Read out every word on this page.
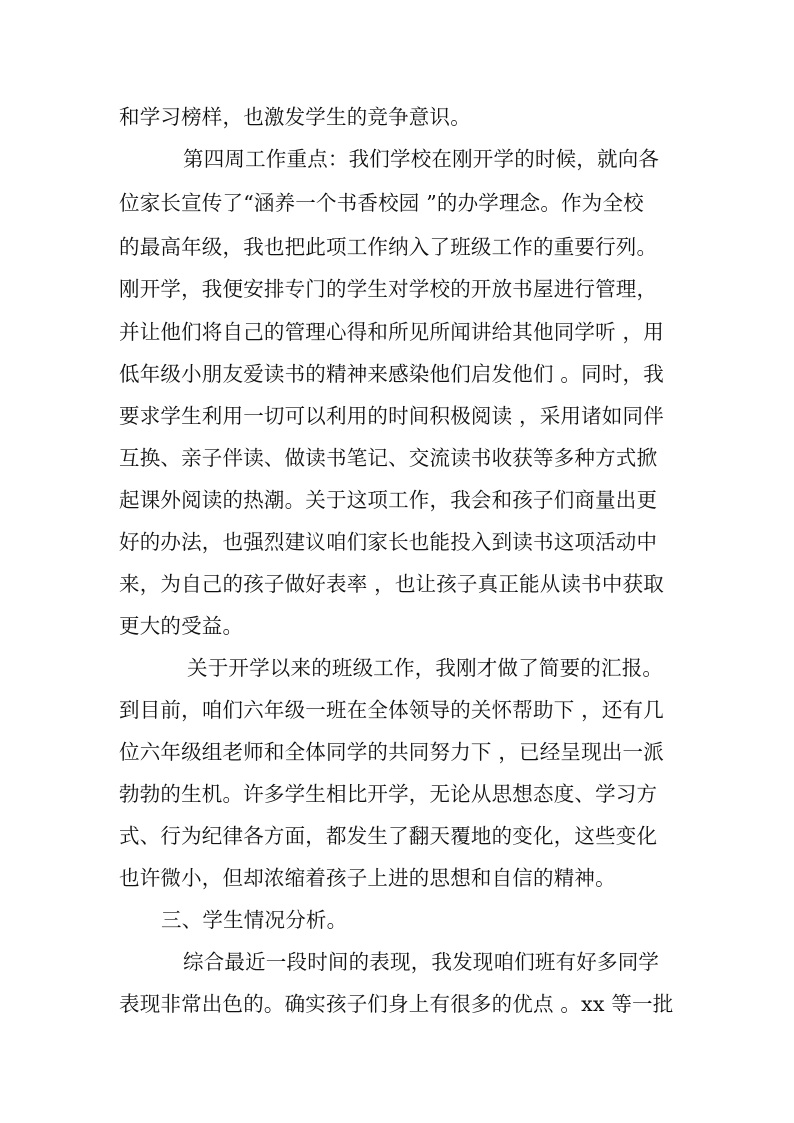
和学习榜样，也激发学生的竞争意识。
第四周工作重点：我们学校在刚开学的时候，就向各
位家长宣传了“涵养一个书香校园 ”的办学理念。作为全校
的最高年级，我也把此项工作纳入了班级工作的重要行列。
刚开学，我便安排专门的学生对学校的开放书屋进行管理，
并让他们将自己的管理心得和所见所闻讲给其他同学听 ，用
低年级小朋友爱读书的精神来感染他们启发他们 。同时，我
要求学生利用一切可以利用的时间积极阅读 ，采用诸如同伴
互换、亲子伴读、做读书笔记、交流读书收获等多种方式掀
起课外阅读的热潮。关于这项工作，我会和孩子们商量出更
好的办法，也强烈建议咱们家长也能投入到读书这项活动中
来，为自己的孩子做好表率 ，也让孩子真正能从读书中获取
更大的受益。
关于开学以来的班级工作，我刚才做了简要的汇报。
到目前，咱们六年级一班在全体领导的关怀帮助下 ，还有几
位六年级组老师和全体同学的共同努力下 ，已经呈现出一派
勃勃的生机。许多学生相比开学，无论从思想态度、学习方
式、行为纪律各方面，都发生了翻天覆地的变化，这些变化
也许微小，但却浓缩着孩子上进的思想和自信的精神。
三、学生情况分析。
综合最近一段时间的表现，我发现咱们班有好多同学
表现非常出色的。确实孩子们身上有很多的优点 。xx 等一批
